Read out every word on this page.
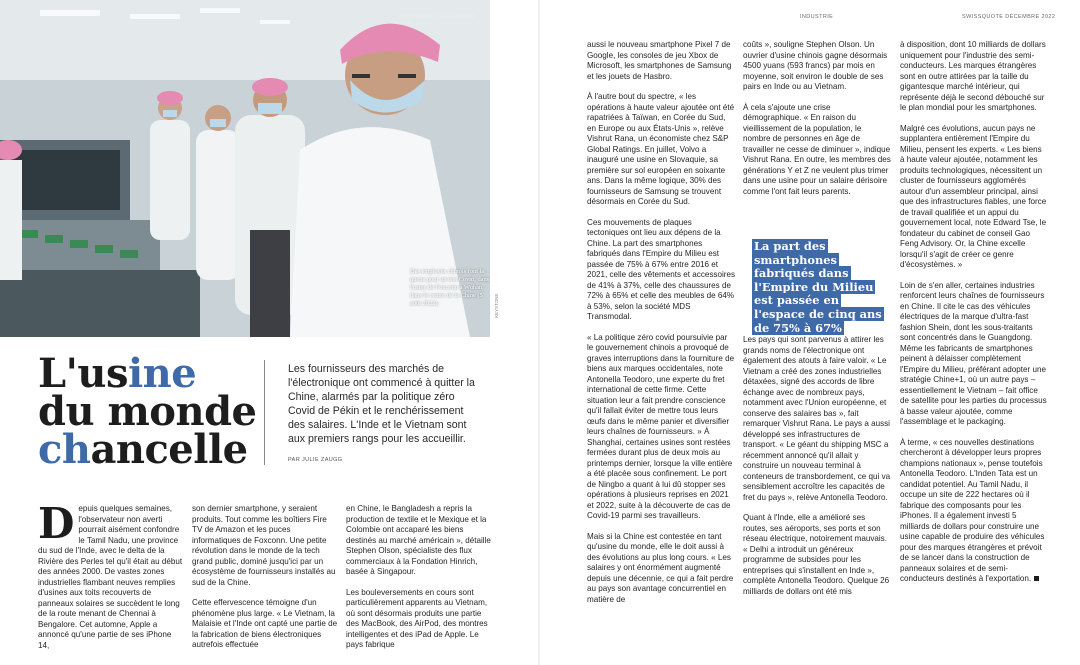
SWISSQUOTE DÉCEMBRE 2022
Des employés chinois font la queue pour un test Covid, dans l'usine de Foxconn à Wuhan, dans le centre de la Chine (5 août 2022).	KEYSTONE
L'usine
du monde
chancelle
Les fournisseurs des marchés de l'électronique ont commencé à quitter la Chine, alarmés par la politique zéro Covid de Pékin et le renchérissement des salaires. L'Inde et le Vietnam sont aux premiers rangs pour les accueillir.
PAR JULIE ZAUGG

Depuis quelques semaines, l'observateur non averti pourrait aisément confondre le Tamil Nadu, une province du sud de l'Inde, avec le delta de la Rivière des Perles tel qu'il était au début des années 2000. De vastes zones industrielles flambant neuves remplies d'usines aux toits recouverts de panneaux solaires se succèdent le long de la route menant de Chennai à Bengalore. Cet automne, Apple a annoncé qu'une partie de ses iPhone 14,

son dernier smartphone, y seraient produits. Tout comme les boîtiers Fire TV de Amazon et les puces informatiques de Foxconn. Une petite révolution dans le monde de la tech grand public, dominé jusqu'ici par un écosystème de fournisseurs installés au sud de la Chine.

Cette effervescence témoigne d'un phénomène plus large. « Le Vietnam, la Malaisie et l'Inde ont capté une partie de la fabrication de biens électroniques autrefois effectuée

en Chine, le Bangladesh a repris la production de textile et le Mexique et la Colombie ont accaparé les biens destinés au marché américain », détaille Stephen Olson, spécialiste des flux commerciaux à la Fondation Hinrich, basée à Singapour.

Les bouleversements en cours sont particulièrement apparents au Vietnam, où sont désormais produits une partie des MacBook, des AirPod, des montres intelligentes et des iPad de Apple. Le pays fabrique

INDUSTRIE	SWISSQUOTE DÉCEMBRE 2022

aussi le nouveau smartphone Pixel 7 de Google, les consoles de jeu Xbox de Microsoft, les smartphones de Samsung et les jouets de Hasbro.

À l'autre bout du spectre, « les opérations à haute valeur ajoutée ont été rapatriées à Taïwan, en Corée du Sud, en Europe ou aux États-Unis », relève Vishrut Rana, un économiste chez S&P Global Ratings. En juillet, Volvo a inauguré une usine en Slovaquie, sa première sur sol européen en soixante ans. Dans la même logique, 30% des fournisseurs de Samsung se trouvent désormais en Corée du Sud.

Ces mouvements de plaques tectoniques ont lieu aux dépens de la Chine. La part des smartphones fabriqués dans l'Empire du Milieu est passée de 75% à 67% entre 2016 et 2021, celle des vêtements et accessoires de 41% à 37%, celle des chaussures de 72% à 65% et celle des meubles de 64% à 53%, selon la société MDS Transmodal.

« La politique zéro covid poursuivie par le gouvernement chinois a provoqué de graves interruptions dans la fourniture de biens aux marques occidentales, note Antonella Teodoro, une experte du fret international de cette firme. Cette situation leur a fait prendre conscience qu'il fallait éviter de mettre tous leurs œufs dans le même panier et diversifier leurs chaînes de fournisseurs. » À Shanghai, certaines usines sont restées fermées durant plus de deux mois au printemps dernier, lorsque la ville entière a été placée sous confinement. Le port de Ningbo a quant à lui dû stopper ses opérations à plusieurs reprises en 2021 et 2022, suite à la découverte de cas de Covid-19 parmi ses travailleurs.

Mais si la Chine est contestée en tant qu'usine du monde, elle le doit aussi à des évolutions au plus long cours. « Les salaires y ont énormément augmenté depuis une décennie, ce qui a fait perdre au pays son avantage concurrentiel en matière de

coûts », souligne Stephen Olson. Un ouvrier d'usine chinois gagne désormais 4500 yuans (593 francs) par mois en moyenne, soit environ le double de ses pairs en Inde ou au Vietnam.

À cela s'ajoute une crise démographique. « En raison du vieillissement de la population, le nombre de personnes en âge de travailler ne cesse de diminuer », indique Vishrut Rana. En outre, les membres des générations Y et Z ne veulent plus trimer dans une usine pour un salaire dérisoire comme l'ont fait leurs parents.

Les pays qui sont parvenus à attirer les grands noms de l'électronique ont également des atouts à faire valoir. « Le Vietnam a créé des zones industrielles détaxées, signé des accords de libre échange avec de nombreux pays, notamment avec l'Union européenne, et conserve des salaires bas », fait remarquer Vishrut Rana. Le pays a aussi développé ses infrastructures de transport. « Le géant du shipping MSC a récemment annoncé qu'il allait y construire un nouveau terminal à conteneurs de transbordement, ce qui va sensiblement accroître les capacités de fret du pays », relève Antonella Teodoro.

Quant à l'Inde, elle a amélioré ses routes, ses aéroports, ses ports et son réseau électrique, notoirement mauvais. « Delhi a introduit un généreux programme de subsides pour les entreprises qui s'installent en Inde », complète Antonella Teodoro. Quelque 26 milliards de dollars ont été mis

La part des smartphones fabriqués dans l'Empire du Milieu est passée en l'espace de cinq ans de 75% à 67%

à disposition, dont 10 milliards de dollars uniquement pour l'industrie des semi-conducteurs. Les marques étrangères sont en outre attirées par la taille du gigantesque marché intérieur, qui représente déjà le second débouché sur le plan mondial pour les smartphones.

Malgré ces évolutions, aucun pays ne supplantera entièrement l'Empire du Milieu, pensent les experts. « Les biens à haute valeur ajoutée, notamment les produits technologiques, nécessitent un cluster de fournisseurs agglomérés autour d'un assembleur principal, ainsi que des infrastructures fiables, une force de travail qualifiée et un appui du gouvernement local, note Edward Tse, le fondateur du cabinet de conseil Gao Feng Advisory. Or, la Chine excelle lorsqu'il s'agit de créer ce genre d'écosystèmes. »

Loin de s'en aller, certaines industries renforcent leurs chaînes de fournisseurs en Chine. Il cite le cas des véhicules électriques de la marque d'ultra-fast fashion Shein, dont les sous-traitants sont concentrés dans le Guangdong. Même les fabricants de smartphones peinent à délaisser complètement l'Empire du Milieu, préférant adopter une stratégie Chine+1, où un autre pays – essentiellement le Vietnam – fait office de satellite pour les parties du processus à basse valeur ajoutée, comme l'assemblage et le packaging.

À terme, « ces nouvelles destinations chercheront à développer leurs propres champions nationaux », pense toutefois Antonella Teodoro. L'Inden Tata est un candidat potentiel. Au Tamil Nadu, il occupe un site de 222 hectares où il fabrique des composants pour les iPhones. Il a également investi 5 milliards de dollars pour construire une usine capable de produire des véhicules pour des marques étrangères et prévoit de se lancer dans la construction de panneaux solaires et de semi-conducteurs destinés à l'exportation.
